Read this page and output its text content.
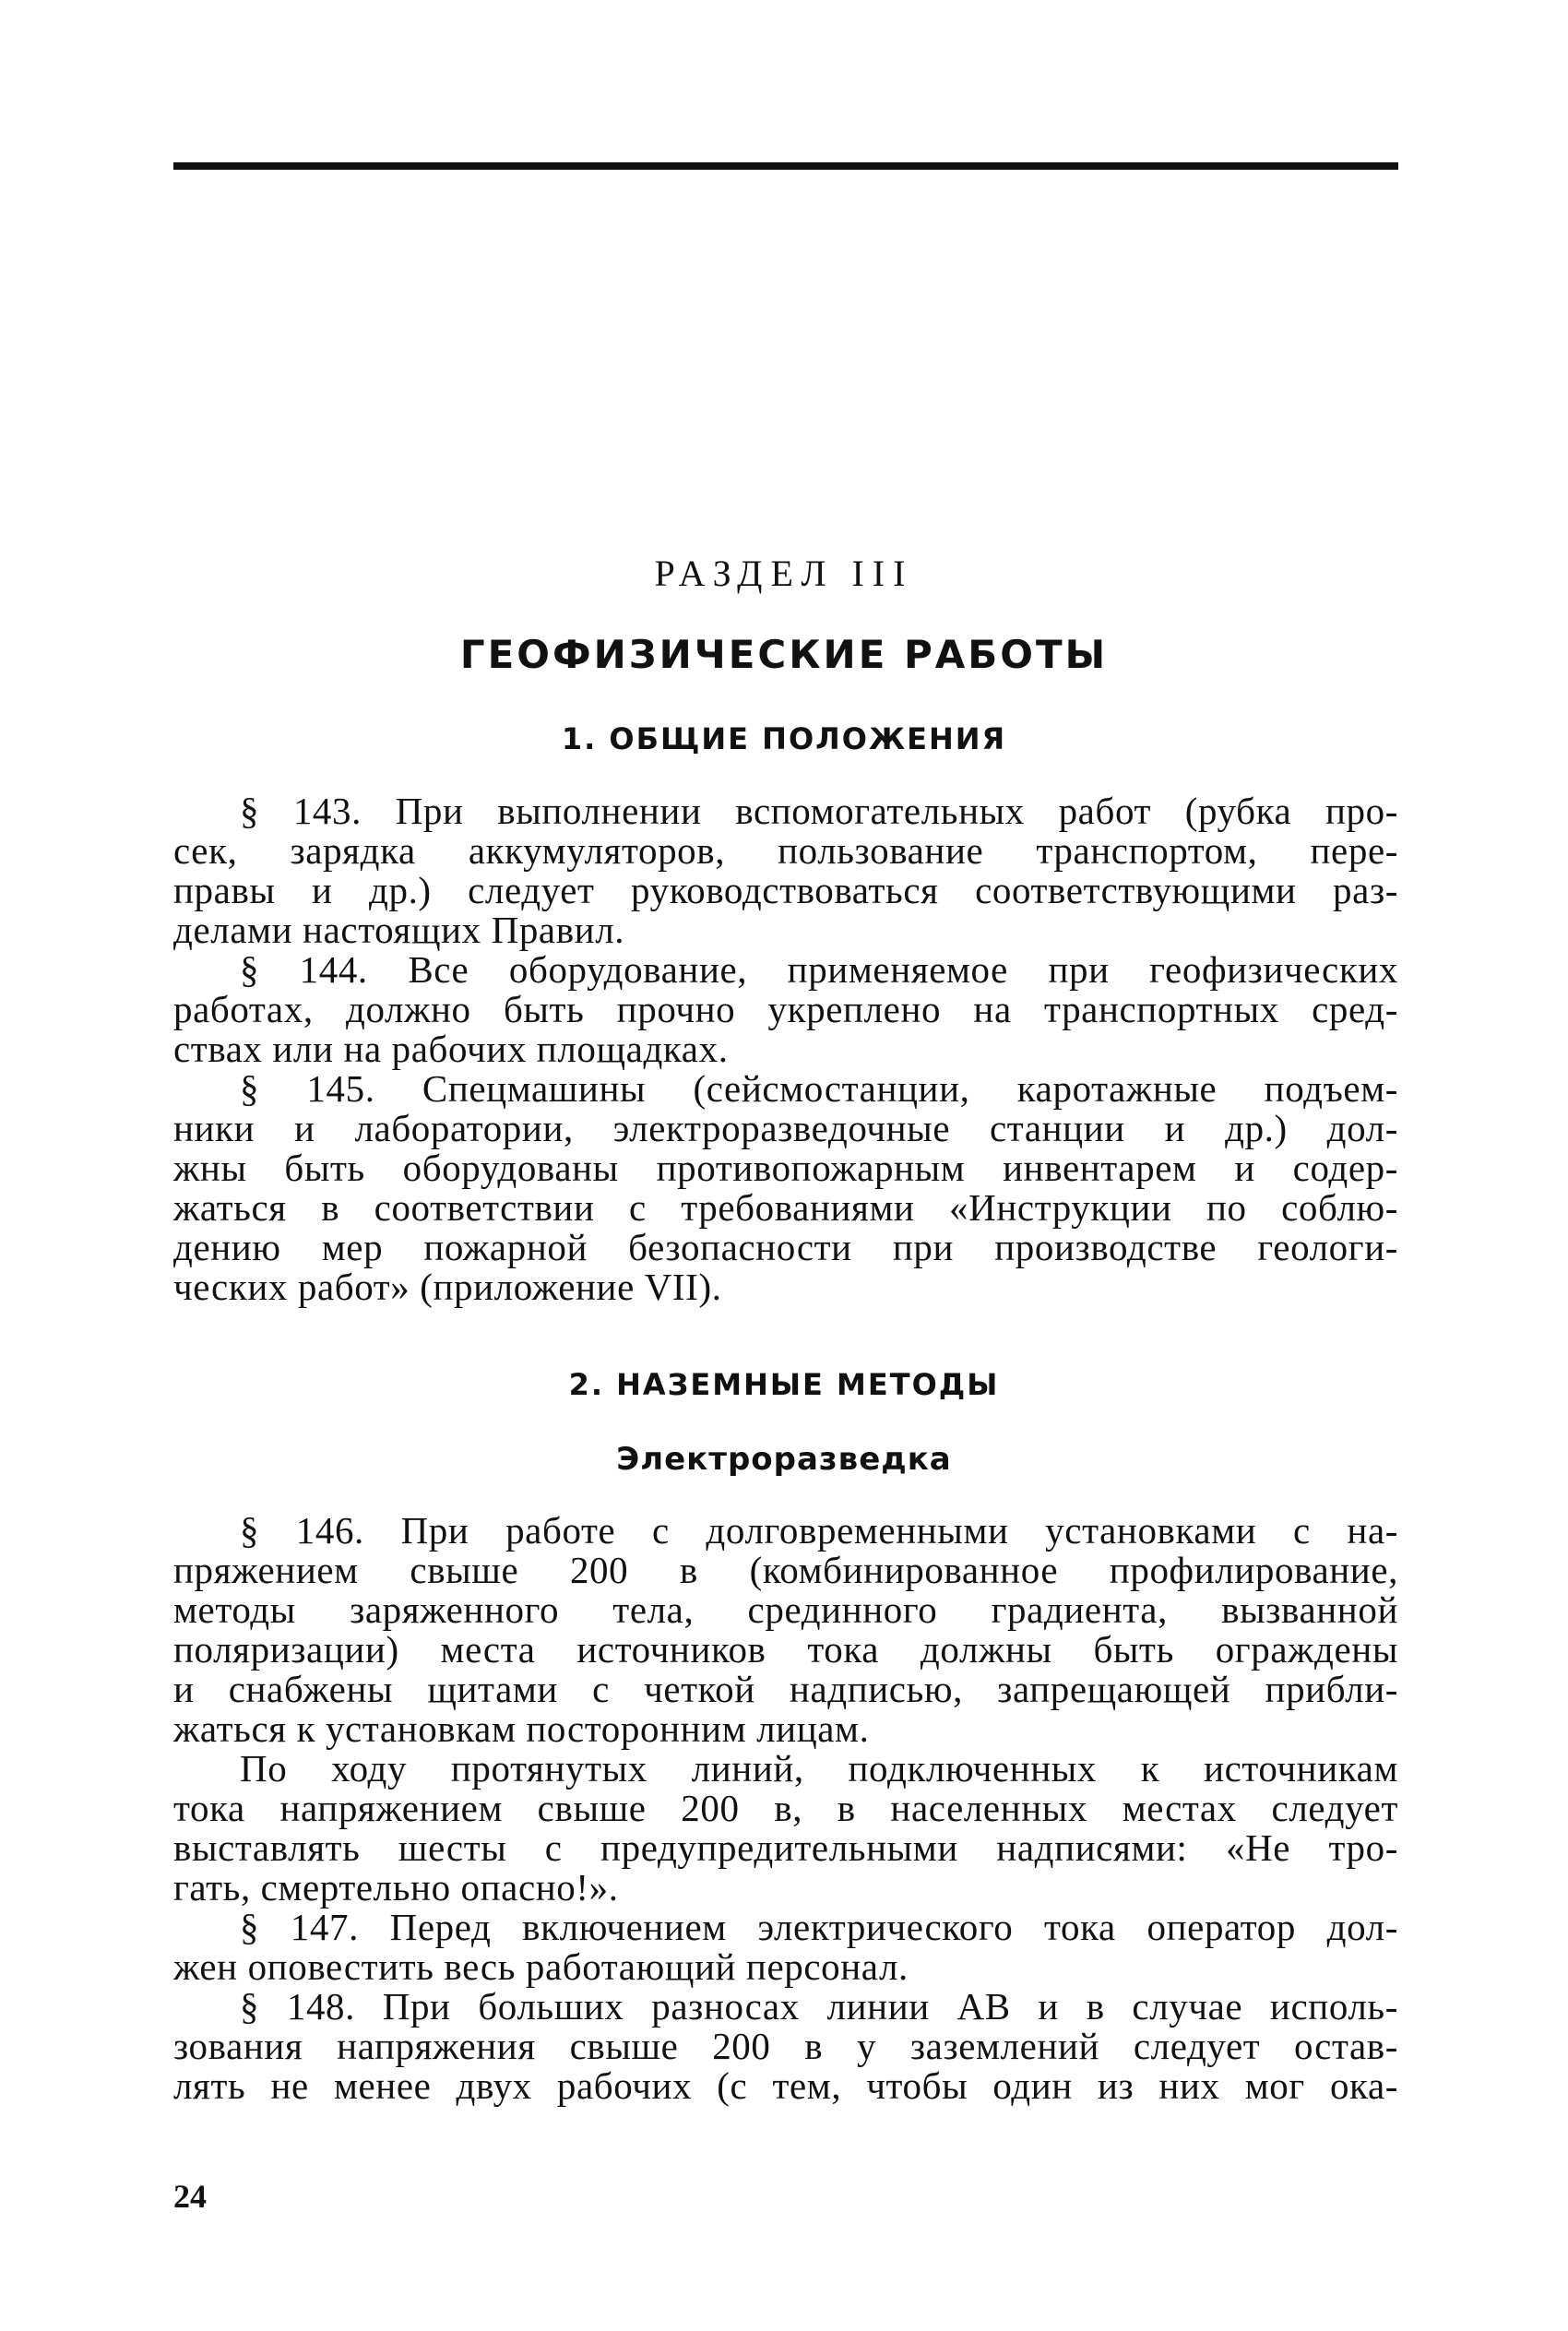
РАЗДЕЛ III
ГЕОФИЗИЧЕСКИЕ РАБОТЫ
1. ОБЩИЕ ПОЛОЖЕНИЯ
§ 143. При выполнении вспомогательных работ (рубка про-
сек, зарядка аккумуляторов, пользование транспортом, пере-
правы и др.) следует руководствоваться соответствующими раз-
делами настоящих Правил.
§ 144. Все оборудование, применяемое при геофизических
работах, должно быть прочно укреплено на транспортных сред-
ствах или на рабочих площадках.
§ 145. Спецмашины (сейсмостанции, каротажные подъем-
ники и лаборатории, электроразведочные станции и др.) дол-
жны быть оборудованы противопожарным инвентарем и содер-
жаться в соответствии с требованиями «Инструкции по соблю-
дению мер пожарной безопасности при производстве геологи-
ческих работ» (приложение VII).
2. НАЗЕМНЫЕ МЕТОДЫ
Электроразведка
§ 146. При работе с долговременными установками с на-
пряжением свыше 200 в (комбинированное профилирование,
методы заряженного тела, срединного градиента, вызванной
поляризации) места источников тока должны быть ограждены
и снабжены щитами с четкой надписью, запрещающей прибли-
жаться к установкам посторонним лицам.
По ходу протянутых линий, подключенных к источникам
тока напряжением свыше 200 в, в населенных местах следует
выставлять шесты с предупредительными надписями: «Не тро-
гать, смертельно опасно!».
§ 147. Перед включением электрического тока оператор дол-
жен оповестить весь работающий персонал.
§ 148. При больших разносах линии AB и в случае исполь-
зования напряжения свыше 200 в у заземлений следует остав-
лять не менее двух рабочих (с тем, чтобы один из них мог ока-
24
